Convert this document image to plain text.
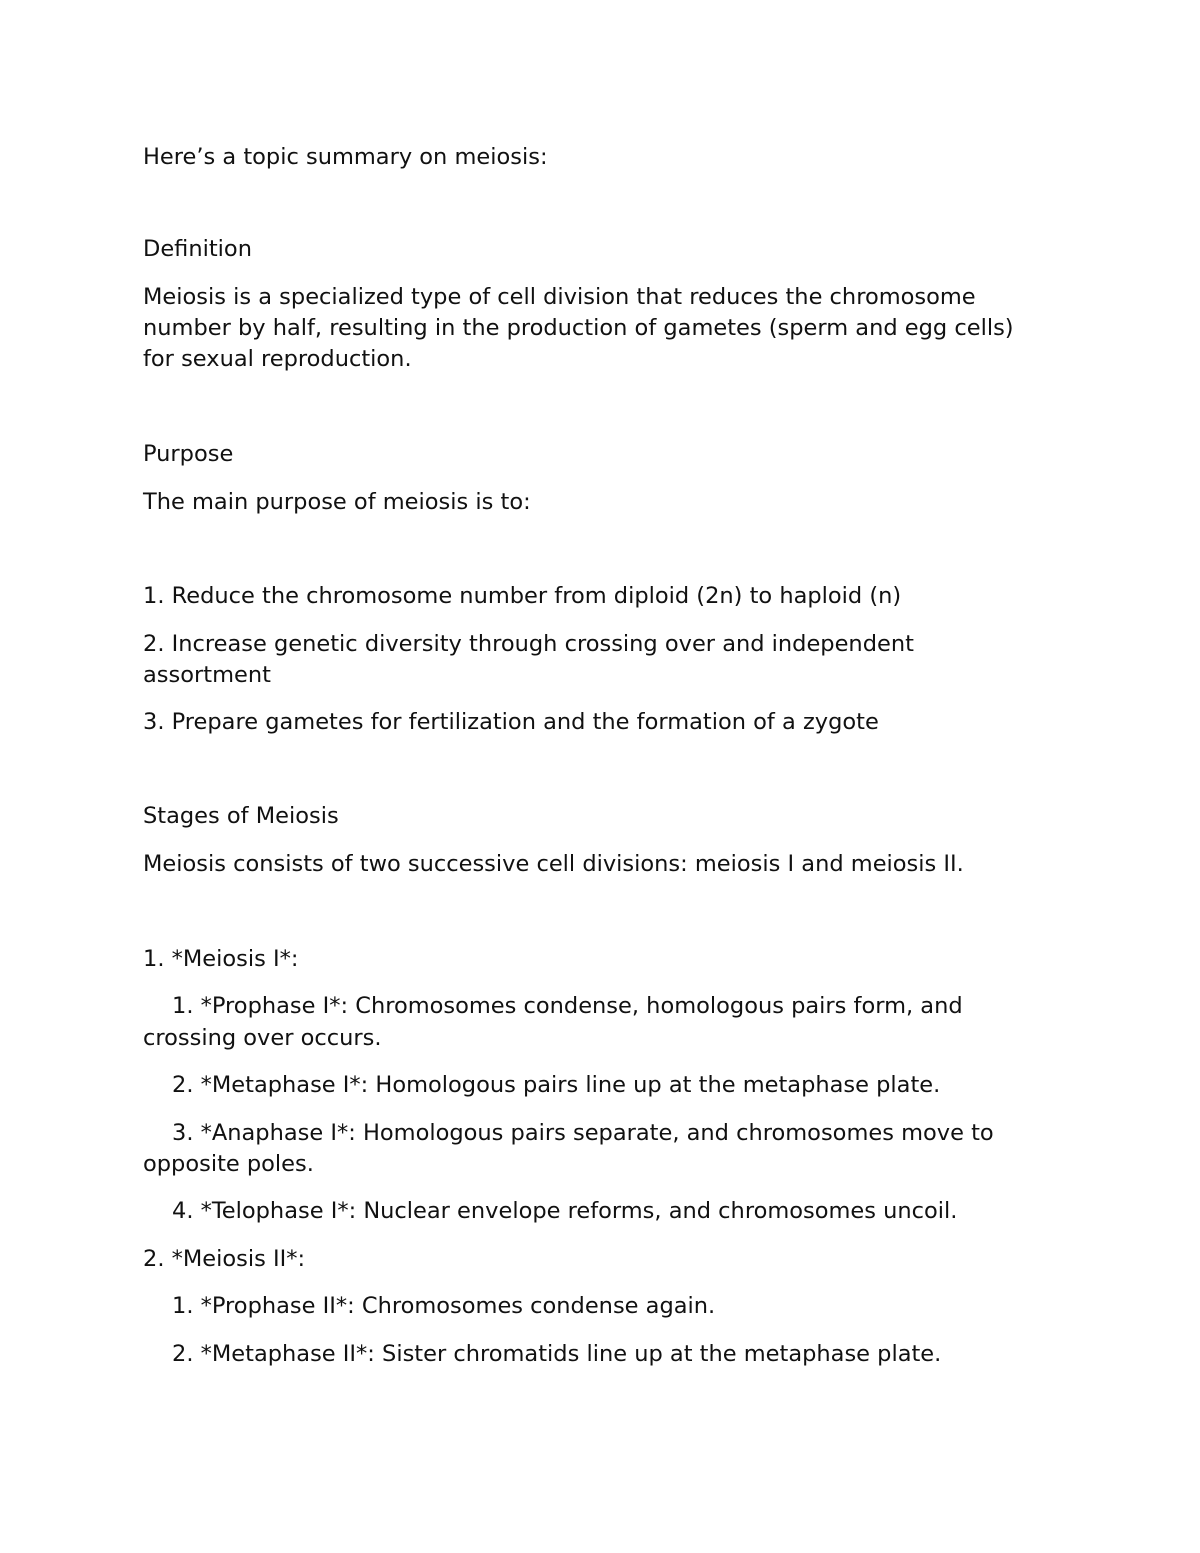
Here’s a topic summary on meiosis:
Definition
Meiosis is a specialized type of cell division that reduces the chromosome
number by half, resulting in the production of gametes (sperm and egg cells)
for sexual reproduction.
Purpose
The main purpose of meiosis is to:
1. Reduce the chromosome number from diploid (2n) to haploid (n)
2. Increase genetic diversity through crossing over and independent
assortment
3. Prepare gametes for fertilization and the formation of a zygote
Stages of Meiosis
Meiosis consists of two successive cell divisions: meiosis I and meiosis II.
1. *Meiosis I*:
1. *Prophase I*: Chromosomes condense, homologous pairs form, and
crossing over occurs.
2. *Metaphase I*: Homologous pairs line up at the metaphase plate.
3. *Anaphase I*: Homologous pairs separate, and chromosomes move to
opposite poles.
4. *Telophase I*: Nuclear envelope reforms, and chromosomes uncoil.
2. *Meiosis II*:
1. *Prophase II*: Chromosomes condense again.
2. *Metaphase II*: Sister chromatids line up at the metaphase plate.
